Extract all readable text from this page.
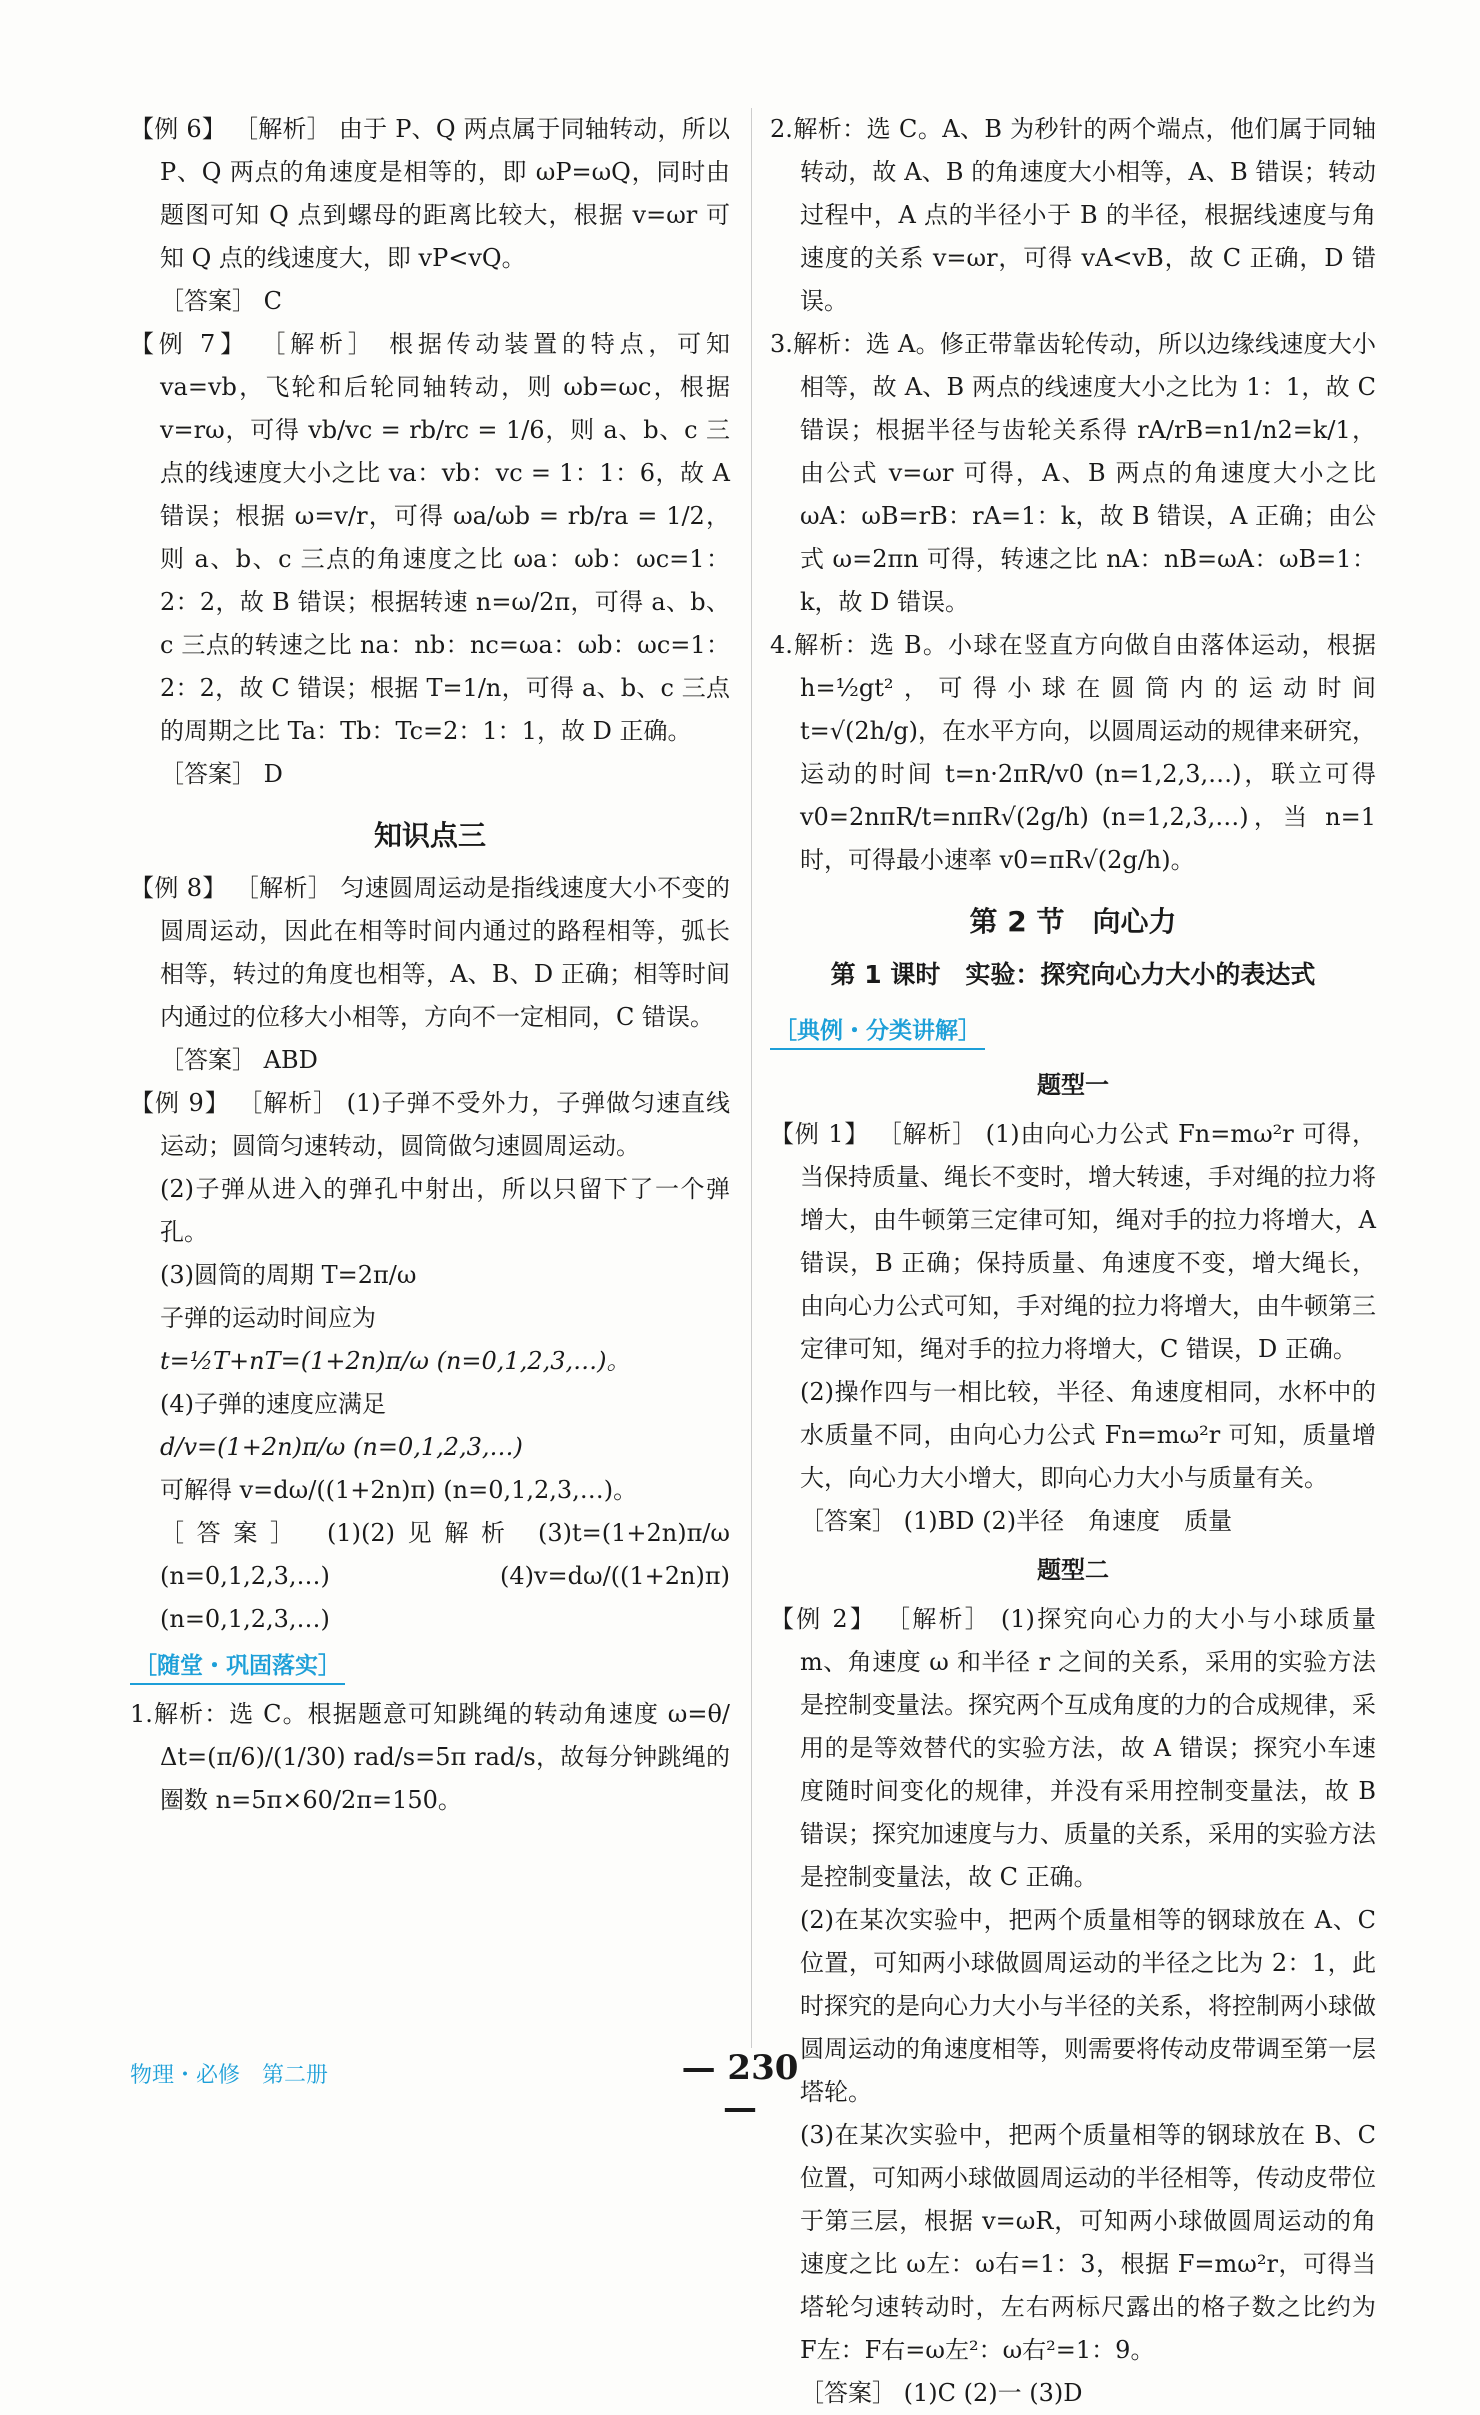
【例 6】 ［解析］ 由于 P、Q 两点属于同轴转动，所以 P、Q 两点的角速度是相等的，即 ωP=ωQ，同时由题图可知 Q 点到螺母的距离比较大，根据 v=ωr 可知 Q 点的线速度大，即 vP<vQ。

［答案］ C

【例 7】 ［解析］ 根据传动装置的特点，可知 va=vb，飞轮和后轮同轴转动，则 ωb=ωc，根据 v=rω，可得 vb/vc = rb/rc = 1/6，则 a、b、c 三点的线速度大小之比 va：vb：vc = 1：1：6，故 A 错误；根据 ω=v/r，可得 ωa/ωb = rb/ra = 1/2，则 a、b、c 三点的角速度之比 ωa：ωb：ωc=1：2：2，故 B 错误；根据转速 n=ω/2π，可得 a、b、c 三点的转速之比 na：nb：nc=ωa：ωb：ωc=1：2：2，故 C 错误；根据 T=1/n，可得 a、b、c 三点的周期之比 Ta：Tb：Tc=2：1：1，故 D 正确。

［答案］ D

知识点三

【例 8】 ［解析］ 匀速圆周运动是指线速度大小不变的圆周运动，因此在相等时间内通过的路程相等，弧长相等，转过的角度也相等，A、B、D 正确；相等时间内通过的位移大小相等，方向不一定相同，C 错误。

［答案］ ABD

【例 9】 ［解析］ (1)子弹不受外力，子弹做匀速直线运动；圆筒匀速转动，圆筒做匀速圆周运动。

(2)子弹从进入的弹孔中射出，所以只留下了一个弹孔。

(3)圆筒的周期 T=2π/ω

子弹的运动时间应为

t=½T+nT=(1+2n)π/ω (n=0,1,2,3,…)。

(4)子弹的速度应满足

d/v=(1+2n)π/ω (n=0,1,2,3,…)

可解得 v=dω/((1+2n)π) (n=0,1,2,3,…)。

［答案］ (1)(2)见解析 (3)t=(1+2n)π/ω (n=0,1,2,3,…) (4)v=dω/((1+2n)π) (n=0,1,2,3,…)

［随堂・巩固落实］

1.解析：选 C。根据题意可知跳绳的转动角速度 ω=θ/Δt=(π/6)/(1/30) rad/s=5π rad/s，故每分钟跳绳的圈数 n=5π×60/2π=150。

2.解析：选 C。A、B 为秒针的两个端点，他们属于同轴转动，故 A、B 的角速度大小相等，A、B 错误；转动过程中，A 点的半径小于 B 的半径，根据线速度与角速度的关系 v=ωr，可得 vA<vB，故 C 正确，D 错误。

3.解析：选 A。修正带靠齿轮传动，所以边缘线速度大小相等，故 A、B 两点的线速度大小之比为 1：1，故 C 错误；根据半径与齿轮关系得 rA/rB=n1/n2=k/1，由公式 v=ωr 可得，A、B 两点的角速度大小之比 ωA：ωB=rB：rA=1：k，故 B 错误，A 正确；由公式 ω=2πn 可得，转速之比 nA：nB=ωA：ωB=1：k，故 D 错误。

4.解析：选 B。小球在竖直方向做自由落体运动，根据 h=½gt²，可得小球在圆筒内的运动时间 t=√(2h/g)，在水平方向，以圆周运动的规律来研究，运动的时间 t=n·2πR/v0 (n=1,2,3,…)，联立可得 v0=2nπR/t=nπR√(2g/h) (n=1,2,3,…)，当 n=1 时，可得最小速率 v0=πR√(2g/h)。

第 2 节　向心力
第 1 课时　实验：探究向心力大小的表达式
［典例・分类讲解］
题型一

【例 1】 ［解析］ (1)由向心力公式 Fn=mω²r 可得，当保持质量、绳长不变时，增大转速，手对绳的拉力将增大，由牛顿第三定律可知，绳对手的拉力将增大，A 错误，B 正确；保持质量、角速度不变，增大绳长，由向心力公式可知，手对绳的拉力将增大，由牛顿第三定律可知，绳对手的拉力将增大，C 错误，D 正确。

(2)操作四与一相比较，半径、角速度相同，水杯中的水质量不同，由向心力公式 Fn=mω²r 可知，质量增大，向心力大小增大，即向心力大小与质量有关。

［答案］ (1)BD (2)半径　角速度　质量

题型二

【例 2】 ［解析］ (1)探究向心力的大小与小球质量 m、角速度 ω 和半径 r 之间的关系，采用的实验方法是控制变量法。探究两个互成角度的力的合成规律，采用的是等效替代的实验方法，故 A 错误；探究小车速度随时间变化的规律，并没有采用控制变量法，故 B 错误；探究加速度与力、质量的关系，采用的实验方法是控制变量法，故 C 正确。

(2)在某次实验中，把两个质量相等的钢球放在 A、C 位置，可知两小球做圆周运动的半径之比为 2：1，此时探究的是向心力大小与半径的关系，将控制两小球做圆周运动的角速度相等，则需要将传动皮带调至第一层塔轮。

(3)在某次实验中，把两个质量相等的钢球放在 B、C 位置，可知两小球做圆周运动的半径相等，传动皮带位于第三层，根据 v=ωR，可知两小球做圆周运动的角速度之比 ω左：ω右=1：3，根据 F=mω²r，可得当塔轮匀速转动时，左右两标尺露出的格子数之比约为 F左：F右=ω左²：ω右²=1：9。

［答案］ (1)C (2)一 (3)D

物理・必修　第二册	— 230 —
